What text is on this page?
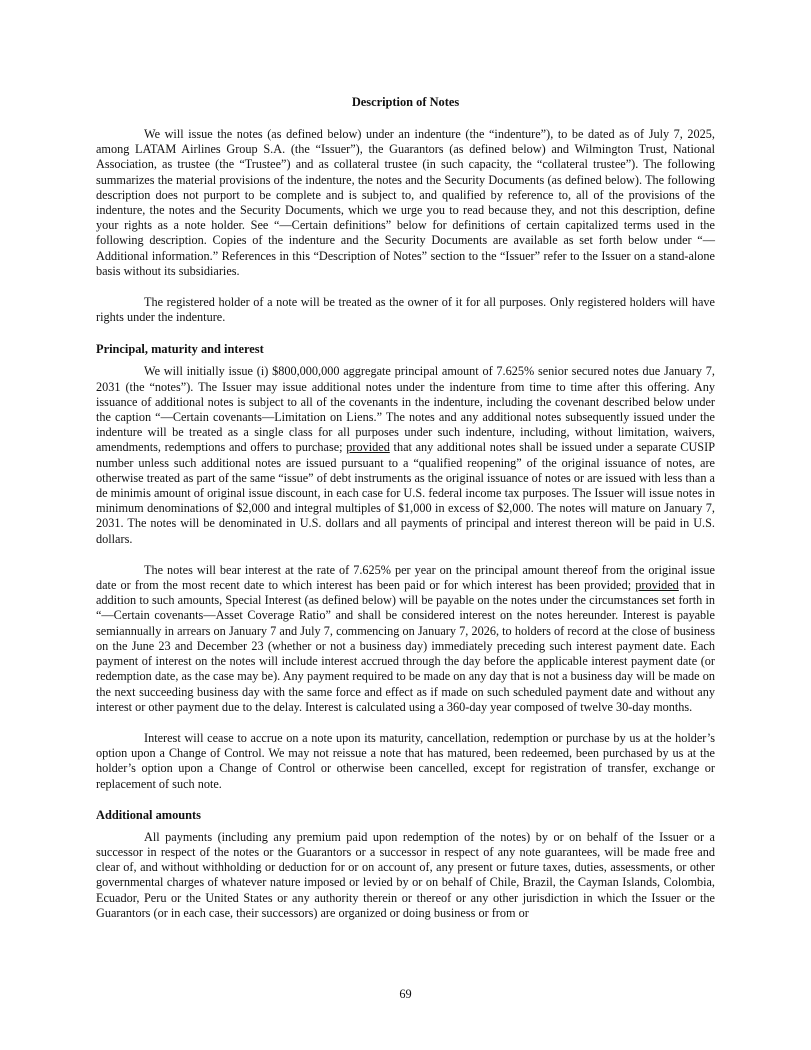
Description of Notes

We will issue the notes (as defined below) under an indenture (the “indenture”), to be dated as of July 7, 2025, among LATAM Airlines Group S.A. (the “Issuer”), the Guarantors (as defined below) and Wilmington Trust, National Association, as trustee (the “Trustee”) and as collateral trustee (in such capacity, the “collateral trustee”). The following summarizes the material provisions of the indenture, the notes and the Security Documents (as defined below). The following description does not purport to be complete and is subject to, and qualified by reference to, all of the provisions of the indenture, the notes and the Security Documents, which we urge you to read because they, and not this description, define your rights as a note holder. See “—Certain definitions” below for definitions of certain capitalized terms used in the following description. Copies of the indenture and the Security Documents are available as set forth below under “—Additional information.” References in this “Description of Notes” section to the “Issuer” refer to the Issuer on a stand-alone basis without its subsidiaries.

The registered holder of a note will be treated as the owner of it for all purposes. Only registered holders will have rights under the indenture.

Principal, maturity and interest

We will initially issue (i) $800,000,000 aggregate principal amount of 7.625% senior secured notes due January 7, 2031 (the “notes”). The Issuer may issue additional notes under the indenture from time to time after this offering. Any issuance of additional notes is subject to all of the covenants in the indenture, including the covenant described below under the caption “—Certain covenants—Limitation on Liens.” The notes and any additional notes subsequently issued under the indenture will be treated as a single class for all purposes under such indenture, including, without limitation, waivers, amendments, redemptions and offers to purchase; provided that any additional notes shall be issued under a separate CUSIP number unless such additional notes are issued pursuant to a “qualified reopening” of the original issuance of notes, are otherwise treated as part of the same “issue” of debt instruments as the original issuance of notes or are issued with less than a de minimis amount of original issue discount, in each case for U.S. federal income tax purposes. The Issuer will issue notes in minimum denominations of $2,000 and integral multiples of $1,000 in excess of $2,000. The notes will mature on January 7, 2031. The notes will be denominated in U.S. dollars and all payments of principal and interest thereon will be paid in U.S. dollars.

The notes will bear interest at the rate of 7.625% per year on the principal amount thereof from the original issue date or from the most recent date to which interest has been paid or for which interest has been provided; provided that in addition to such amounts, Special Interest (as defined below) will be payable on the notes under the circumstances set forth in “—Certain covenants—Asset Coverage Ratio” and shall be considered interest on the notes hereunder. Interest is payable semiannually in arrears on January 7 and July 7, commencing on January 7, 2026, to holders of record at the close of business on the June 23 and December 23 (whether or not a business day) immediately preceding such interest payment date. Each payment of interest on the notes will include interest accrued through the day before the applicable interest payment date (or redemption date, as the case may be). Any payment required to be made on any day that is not a business day will be made on the next succeeding business day with the same force and effect as if made on such scheduled payment date and without any interest or other payment due to the delay. Interest is calculated using a 360-day year composed of twelve 30-day months.

Interest will cease to accrue on a note upon its maturity, cancellation, redemption or purchase by us at the holder’s option upon a Change of Control. We may not reissue a note that has matured, been redeemed, been purchased by us at the holder’s option upon a Change of Control or otherwise been cancelled, except for registration of transfer, exchange or replacement of such note.

Additional amounts

All payments (including any premium paid upon redemption of the notes) by or on behalf of the Issuer or a successor in respect of the notes or the Guarantors or a successor in respect of any note guarantees, will be made free and clear of, and without withholding or deduction for or on account of, any present or future taxes, duties, assessments, or other governmental charges of whatever nature imposed or levied by or on behalf of Chile, Brazil, the Cayman Islands, Colombia, Ecuador, Peru or the United States or any authority therein or thereof or any other jurisdiction in which the Issuer or the Guarantors (or in each case, their successors) are organized or doing business or from or

69
